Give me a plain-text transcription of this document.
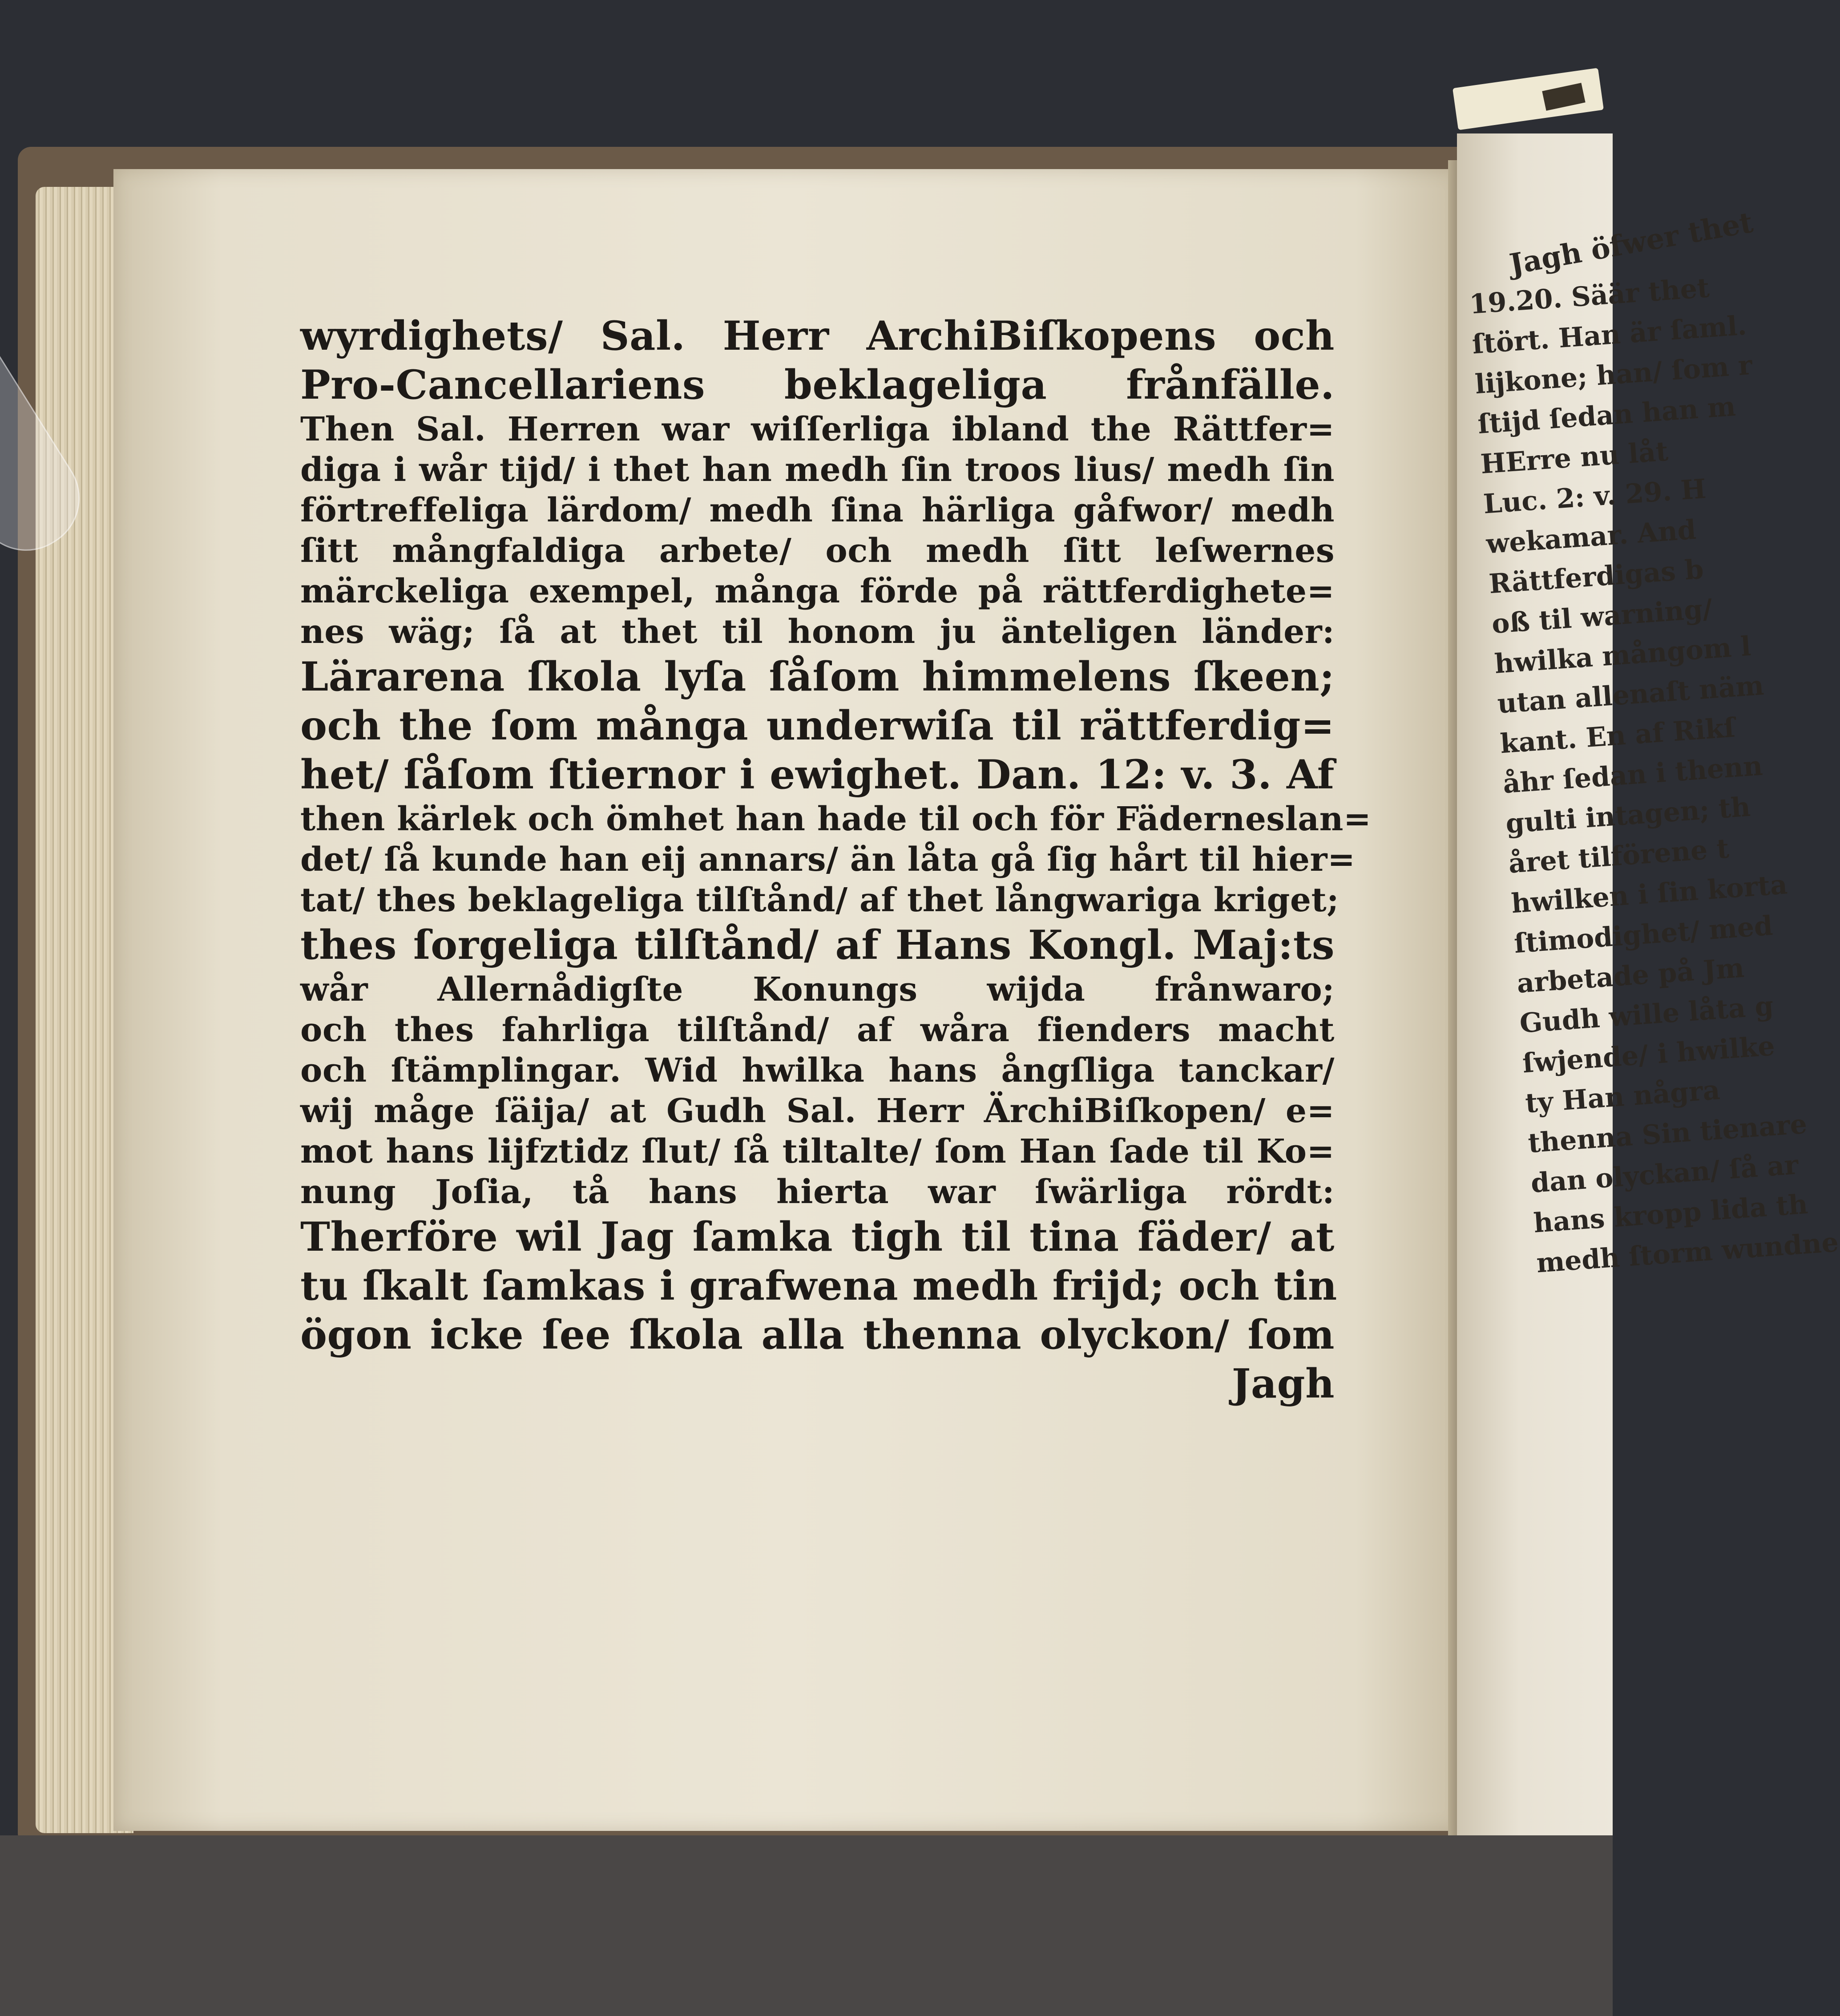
wyrdighets/ Sal. Herr ArchiBiſkopens och
Pro-Cancellariens beklageliga frånfälle.
Then Sal. Herren war wiſſerliga ibland the Rättfer=
diga i wår tijd/ i thet han medh ſin troos lius/ medh ſin
förtreffeliga lärdom/ medh ſina härliga gåfwor/ medh
ſitt mångfaldiga arbete/ och medh ſitt leſwernes
märckeliga exempel, många förde på rättferdighete=
nes wäg; ſå at thet til honom ju änteligen länder:
Lärarena ſkola lyſa ſåſom himmelens ſkeen;
och the ſom många underwiſa til rättferdig=
het/ ſåſom ſtiernor i ewighet. Dan. 12: v. 3. Af
then kärlek och ömhet han hade til och för Fäderneslan=
det/ ſå kunde han eij annars/ än låta gå ſig hårt til hier=
tat/ thes beklageliga tilſtånd/ af thet långwariga kriget;
thes ſorgeliga tilſtånd/ af Hans Kongl. Maj:ts
wår Allernådigſte Konungs wijda frånwaro;
och thes fahrliga tilſtånd/ af wåra fienders macht
och ſtämplingar. Wid hwilka hans ångſliga tanckar/
wij måge ſäija/ at Gudh Sal. Herr ÄrchiBiſkopen/ e=
mot hans lijfztidz ſlut/ ſå tiltalte/ ſom Han ſade til Ko=
nung Joſia, tå hans hierta war ſwärliga rördt:
Therföre wil Jag ſamka tigh til tina fäder/ at
tu ſkalt ſamkas i grafwena medh frijd; och tin
ögon icke ſee ſkola alla thenna olyckon/ ſom
Jagh
Jagh öfwer thet
19.20. Säär thet
ſtört. Han är ſaml.
lijkone; han/ ſom r
ſtijd ſedan han m
HErre nu låt
Luc. 2: v. 29. H
wekamar. And
Rättferdigas b
oß til warning/
hwilka mångom l
utan allenaſt näm
kant. En af Rikſ
åhr ſedan i thenn
gulti intagen; th
året tilförene t
hwilken i ſin korta
ſtimodighet/ med
arbetade på Jm
Gudh wille låta g
ſwjende/ i hwilke
ty Han några
thenna Sin tienare
dan olyckan/ ſå ar
hans kropp lida th
medh ſtorm wundne
